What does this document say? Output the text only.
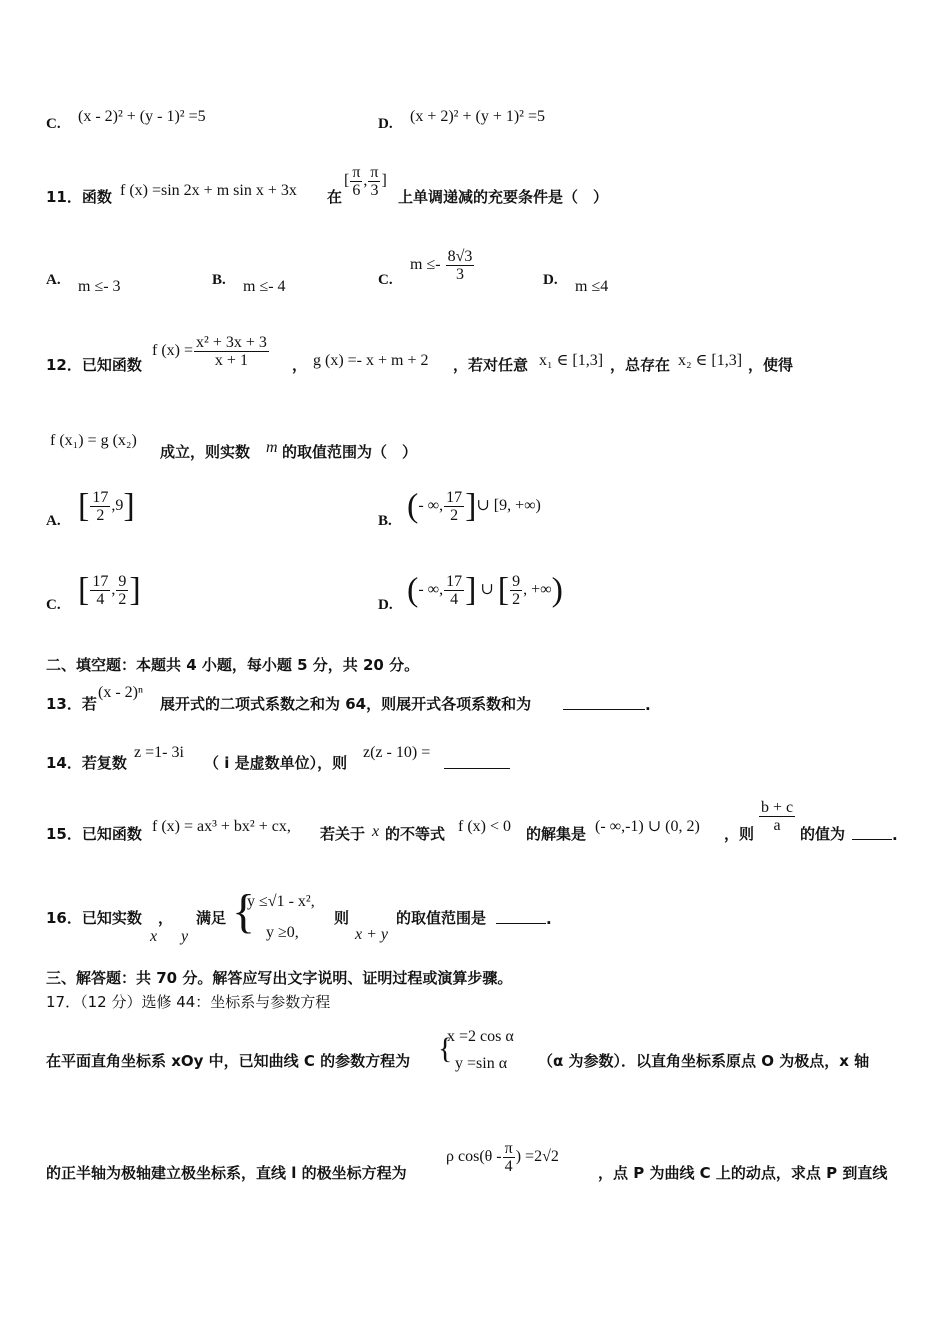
C. (x - 2)² + (y - 1)² =5	D. (x + 2)² + (y + 1)² =5
11．函数 f (x) =sin 2x + m sin x + 3x 在
[ $\frac{\pi}{6}$ , $\frac{\pi}{3}$ ]
上单调递减的充要条件是（　）
A. m ≤- 3	B. m ≤- 4	C.
$m \le- \frac{8√3}{3}$	D. m ≤4
12．已知函数
f $(x) = \frac{\text{x² + 3x + 3}}{x + 1}$ ， g (x) =- x + m + 2 ，若对任意 x₁ ∈ [1,3] ，总存在 x₂ ∈ [1,3] ，使得
f (x₁) = g (x₂)
成立，则实数 m 的取值范围为（　）
A. [ $\frac{17}{2} ,9$]	B. (- ∞, $\frac{17}{2}$ ]∪ [9, +∞)
C. [ $\frac{17}{4}$ , $\frac{9}{2}$ ]	D. (- ∞, $\frac{17}{4}$ ] ∪ [ $\frac{9}{2}$ , +∞)
二、填空题：本题共 4 小题，每小题 5 分，共 20 分。
13．若
(x - 2)ⁿ
展开式的二项式系数之和为 64，则展开式各项系数和为	.
14．若复数
z =1- 3i
（ i 是虚数单位），则
z(z - 10) =
15．已知函数 f (x) = ax³ + bx² + cx, 若关于 x 的不等式 f (x) < 0 的解集是 (- ∞,-1) ∪ (0, 2) ，则 $\frac{b + c}{a}$ 的值为	.
16．已知实数
x
，
y
满足 {
y ≤√1 - x²,
y ≥0,
则
x + y
的取值范围是	.
三、解答题：共 70 分。解答应写出文字说明、证明过程或演算步骤。
17．（12 分）选修 44：坐标系与参数方程
在平面直角坐标系 xOy 中，已知曲线 C 的参数方程为 {
x =2 cos α
y =sin α （α 为参数）．以直角坐标系原点 O 为极点，x 轴
的正半轴为极轴建立极坐标系，直线 l 的极坐标方程为
ρ $\cos(\theta - \frac{\pi}{4}$ ) =2√2
，点 P 为曲线 C 上的动点，求点 P 到直线
